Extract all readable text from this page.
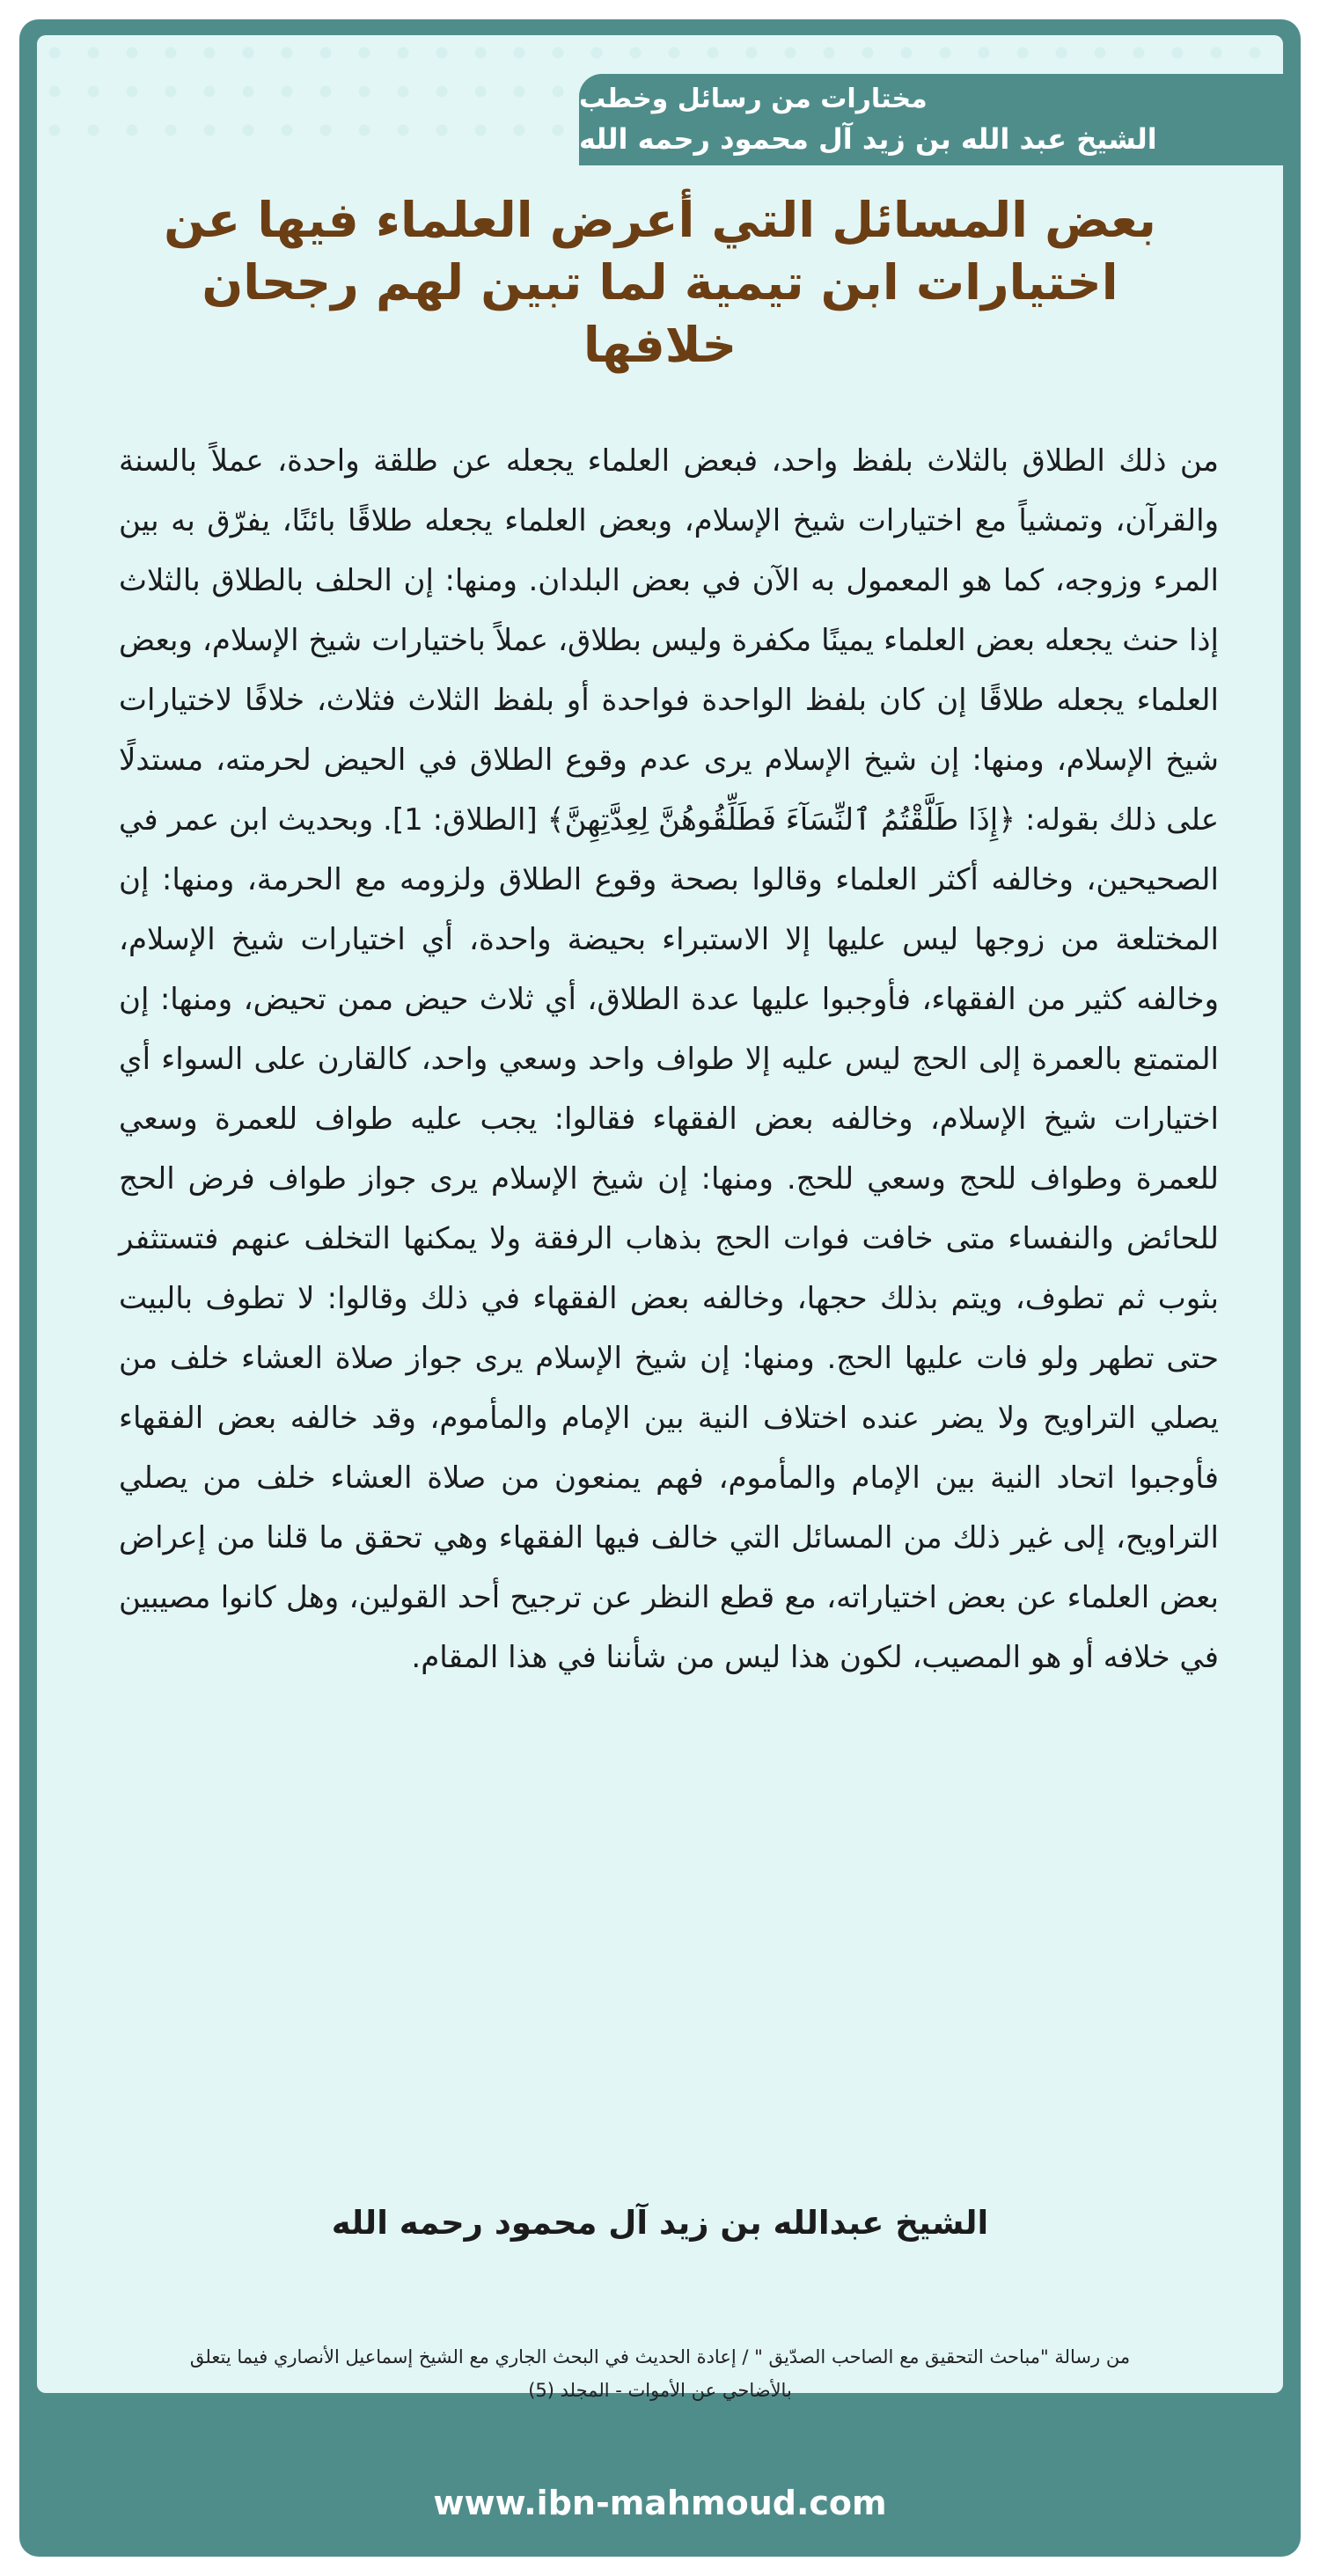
مختارات من رسائل وخطب
الشيخ عبد الله بن زيد آل محمود رحمه الله
بعض المسائل التي أعرض العلماء فيها عن اختيارات ابن تيمية لما تبين لهم رجحان خلافها
من ذلك الطلاق بالثلاث بلفظ واحد، فبعض العلماء يجعله عن طلقة واحدة، عملاً بالسنة والقرآن، وتمشياً مع اختيارات شيخ الإسلام، وبعض العلماء يجعله طلاقًا بائنًا، يفرّق به بين المرء وزوجه، كما هو المعمول به الآن في بعض البلدان. ومنها: إن الحلف بالطلاق بالثلاث إذا حنث يجعله بعض العلماء يمينًا مكفرة وليس بطلاق، عملاً باختيارات شيخ الإسلام، وبعض العلماء يجعله طلاقًا إن كان بلفظ الواحدة فواحدة أو بلفظ الثلاث فثلاث، خلافًا لاختيارات شيخ الإسلام، ومنها: إن شيخ الإسلام يرى عدم وقوع الطلاق في الحيض لحرمته، مستدلًا على ذلك بقوله: ﴿إِذَا طَلَّقْتُمُ ٱلنِّسَآءَ فَطَلِّقُوهُنَّ لِعِدَّتِهِنَّ﴾ [الطلاق: 1]. وبحديث ابن عمر في الصحيحين، وخالفه أكثر العلماء وقالوا بصحة وقوع الطلاق ولزومه مع الحرمة، ومنها: إن المختلعة من زوجها ليس عليها إلا الاستبراء بحيضة واحدة، أي اختيارات شيخ الإسلام، وخالفه كثير من الفقهاء، فأوجبوا عليها عدة الطلاق، أي ثلاث حيض ممن تحيض، ومنها: إن المتمتع بالعمرة إلى الحج ليس عليه إلا طواف واحد وسعي واحد، كالقارن على السواء أي اختيارات شيخ الإسلام، وخالفه بعض الفقهاء فقالوا: يجب عليه طواف للعمرة وسعي للعمرة وطواف للحج وسعي للحج. ومنها: إن شيخ الإسلام يرى جواز طواف فرض الحج للحائض والنفساء متى خافت فوات الحج بذهاب الرفقة ولا يمكنها التخلف عنهم فتستثفر بثوب ثم تطوف، ويتم بذلك حجها، وخالفه بعض الفقهاء في ذلك وقالوا: لا تطوف بالبيت حتى تطهر ولو فات عليها الحج. ومنها: إن شيخ الإسلام يرى جواز صلاة العشاء خلف من يصلي التراويح ولا يضر عنده اختلاف النية بين الإمام والمأموم، وقد خالفه بعض الفقهاء فأوجبوا اتحاد النية بين الإمام والمأموم، فهم يمنعون من صلاة العشاء خلف من يصلي التراويح، إلى غير ذلك من المسائل التي خالف فيها الفقهاء وهي تحقق ما قلنا من إعراض بعض العلماء عن بعض اختياراته، مع قطع النظر عن ترجيح أحد القولين، وهل كانوا مصيبين في خلافه أو هو المصيب، لكون هذا ليس من شأننا في هذا المقام.
الشيخ عبدالله بن زيد آل محمود رحمه الله
من رسالة "مباحث التحقيق مع الصاحب الصدّيق " / إعادة الحديث في البحث الجاري مع الشيخ إسماعيل الأنصاري فيما يتعلق
بالأضاحي عن الأموات - المجلد (5)
www.ibn-mahmoud.com
